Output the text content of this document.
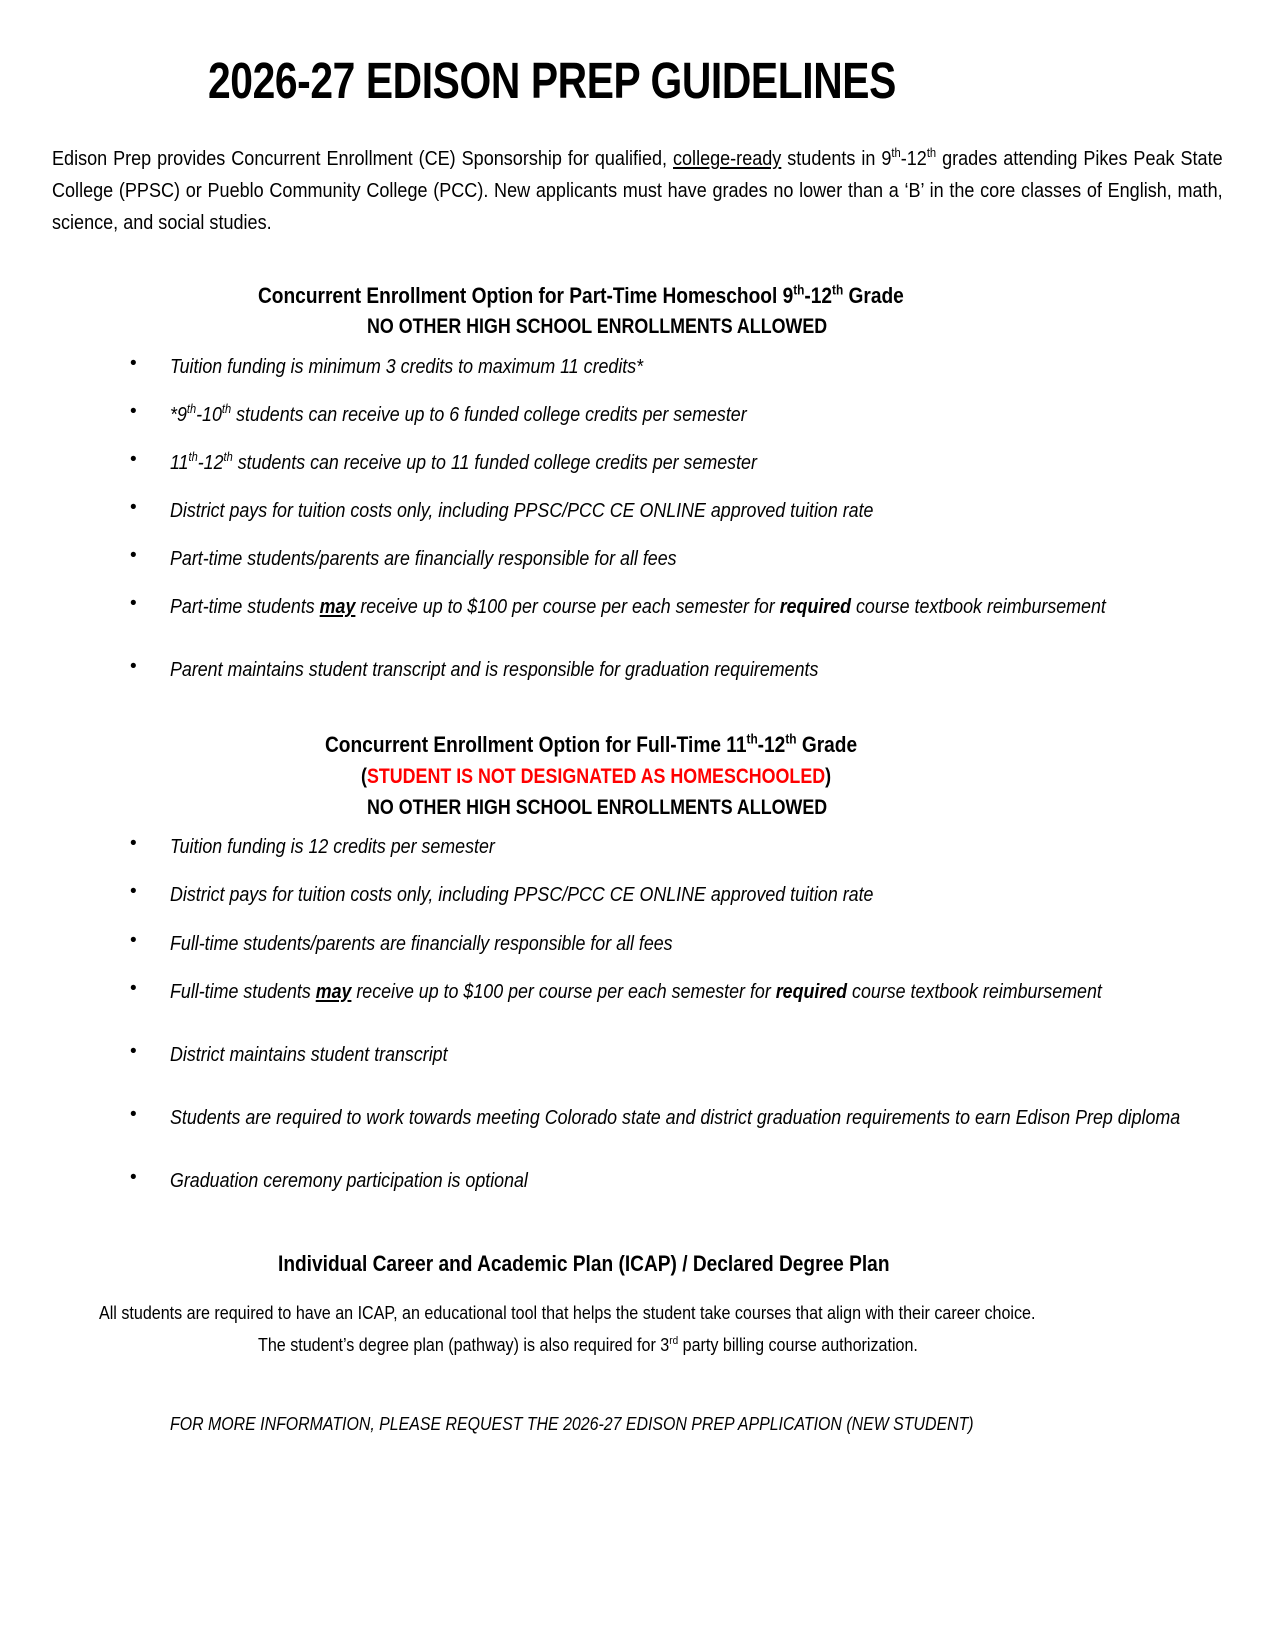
2026-27 EDISON PREP GUIDELINES

Edison Prep provides Concurrent Enrollment (CE) Sponsorship for qualified, college-ready students in 9th-12th grades attending Pikes Peak State College (PPSC) or Pueblo Community College (PCC). New applicants must have grades no lower than a ‘B’ in the core classes of English, math, science, and social studies.

Concurrent Enrollment Option for Part-Time Homeschool 9th-12th Grade
NO OTHER HIGH SCHOOL ENROLLMENTS ALLOWED
• Tuition funding is minimum 3 credits to maximum 11 credits*
• *9th-10th students can receive up to 6 funded college credits per semester
• 11th-12th students can receive up to 11 funded college credits per semester
• District pays for tuition costs only, including PPSC/PCC CE ONLINE approved tuition rate
• Part-time students/parents are financially responsible for all fees
• Part-time students may receive up to $100 per course per each semester for required course textbook reimbursement
• Parent maintains student transcript and is responsible for graduation requirements
Concurrent Enrollment Option for Full-Time 11th-12th Grade
(STUDENT IS NOT DESIGNATED AS HOMESCHOOLED)
NO OTHER HIGH SCHOOL ENROLLMENTS ALLOWED
• Tuition funding is 12 credits per semester
• District pays for tuition costs only, including PPSC/PCC CE ONLINE approved tuition rate
• Full-time students/parents are financially responsible for all fees
• Full-time students may receive up to $100 per course per each semester for required course textbook reimbursement
• District maintains student transcript
• Students are required to work towards meeting Colorado state and district graduation requirements to earn Edison Prep diploma
• Graduation ceremony participation is optional
Individual Career and Academic Plan (ICAP) / Declared Degree Plan
All students are required to have an ICAP, an educational tool that helps the student take courses that align with their career choice.
The student’s degree plan (pathway) is also required for 3rd party billing course authorization.
FOR MORE INFORMATION, PLEASE REQUEST THE 2026-27 EDISON PREP APPLICATION (NEW STUDENT)
